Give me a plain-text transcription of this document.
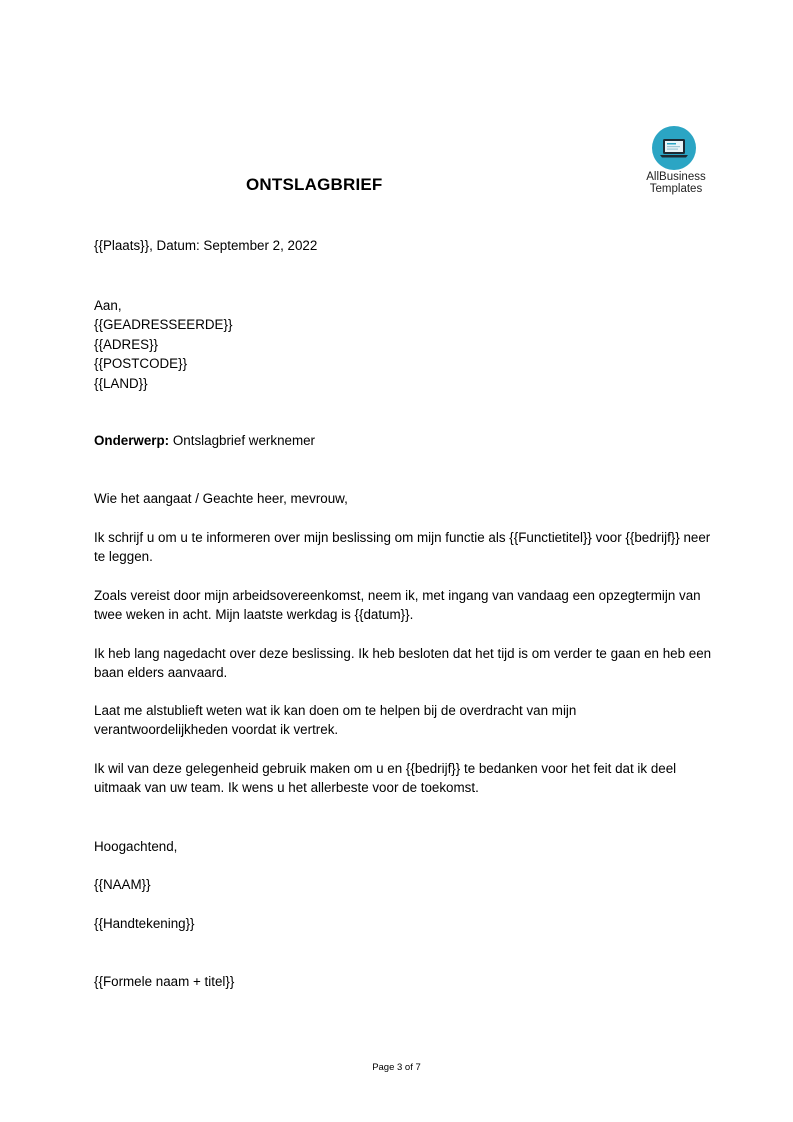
AllBusiness
Templates
ONTSLAGBRIEF
{{Plaats}}, Datum: September 2, 2022
Aan,
{{GEADRESSEERDE}}
{{ADRES}}
{{POSTCODE}}
{{LAND}}
Onderwerp: Ontslagbrief werknemer
Wie het aangaat / Geachte heer, mevrouw,
Ik schrijf u om u te informeren over mijn beslissing om mijn functie als {{Functietitel}} voor {{bedrijf}} neer te leggen.
Zoals vereist door mijn arbeidsovereenkomst, neem ik, met ingang van vandaag een opzegtermijn van twee weken in acht. Mijn laatste werkdag is {{datum}}.
Ik heb lang nagedacht over deze beslissing. Ik heb besloten dat het tijd is om verder te gaan en heb een baan elders aanvaard.
Laat me alstublieft weten wat ik kan doen om te helpen bij de overdracht van mijn verantwoordelijkheden voordat ik vertrek.
Ik wil van deze gelegenheid gebruik maken om u en {{bedrijf}} te bedanken voor het feit dat ik deel uitmaak van uw team. Ik wens u het allerbeste voor de toekomst.
Hoogachtend,
{{NAAM}}
{{Handtekening}}
{{Formele naam + titel}}
Page 3 of 7
